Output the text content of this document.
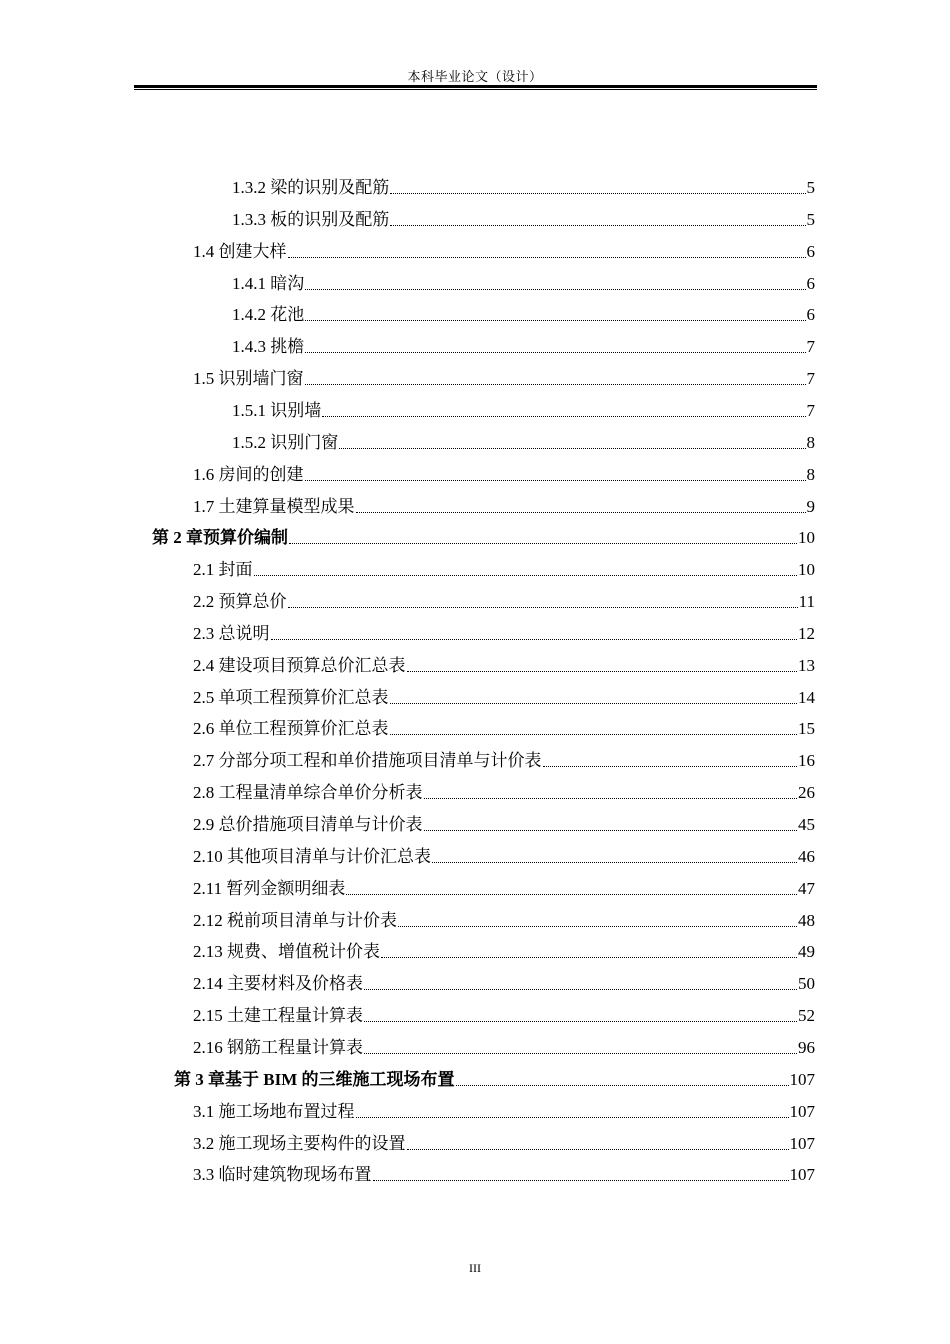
本科毕业论文（设计）
1.3.2 梁的识别及配筋	5
1.3.3 板的识别及配筋	5
1.4 创建大样	6
1.4.1 暗沟	6
1.4.2 花池	6
1.4.3 挑檐	7
1.5 识别墙门窗	7
1.5.1 识别墙	7
1.5.2 识别门窗	8
1.6 房间的创建	8
1.7 土建算量模型成果	9
第 2 章预算价编制	10
2.1 封面	10
2.2 预算总价	11
2.3 总说明	12
2.4 建设项目预算总价汇总表	13
2.5 单项工程预算价汇总表	14
2.6 单位工程预算价汇总表	15
2.7 分部分项工程和单价措施项目清单与计价表	16
2.8 工程量清单综合单价分析表	26
2.9 总价措施项目清单与计价表	45
2.10 其他项目清单与计价汇总表	46
2.11 暂列金额明细表	47
2.12 税前项目清单与计价表	48
2.13 规费、增值税计价表	49
2.14 主要材料及价格表	50
2.15 土建工程量计算表	52
2.16 钢筋工程量计算表	96
第 3 章基于 BIM 的三维施工现场布置	107
3.1 施工场地布置过程	107
3.2 施工现场主要构件的设置	107
3.3 临时建筑物现场布置	107
III
